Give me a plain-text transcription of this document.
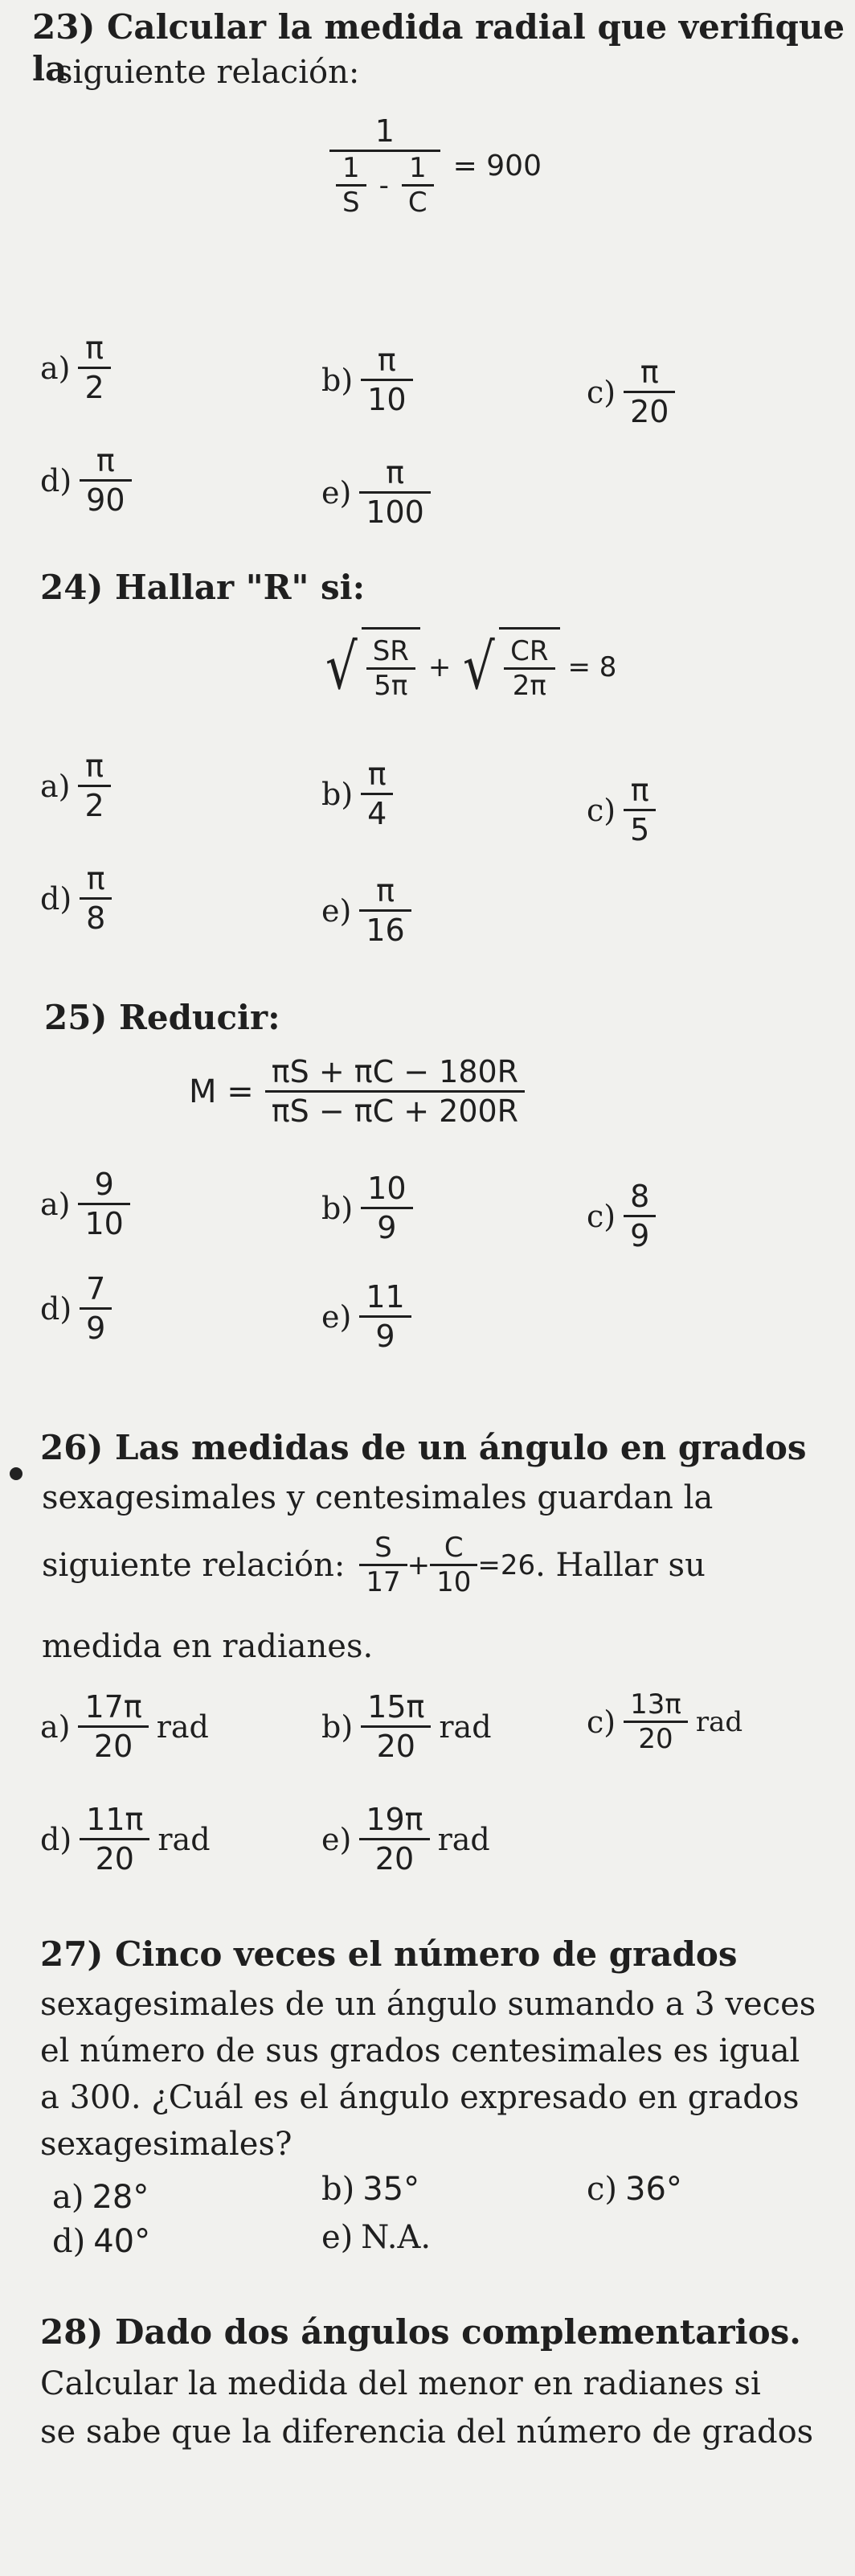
23) Calcular la medida radial que verifique la
siguiente relación:
$\frac{1}{\frac{1}{S} - \frac{1}{C}} = 900$
$a) \frac{\pi}{2}$	$b) \frac{\pi}{10}$	$c) \frac{\pi}{20}$
$d) \frac{\pi}{90}$	$e) \frac{\pi}{100}$
24) Hallar "R" si:
√ $\frac{SR}{5\pi}$ + √ $\frac{CR}{2\pi} = 8$
$a) \frac{\pi}{2}$	$b) \frac{\pi}{4}$	$c) \frac{\pi}{5}$
$d) \frac{\pi}{8}$	$e) \frac{\pi}{16}$
25) Reducir:
$M = \frac{\pi S + \pi C - 180R}{\pi S - \pi C + 200R}$
$a) \frac{9}{10}$	$b) \frac{10}{9}$	$c) \frac{8}{9}$
$d) \frac{7}{9}$	$e) \frac{11}{9}$
26) Las medidas de un ángulo en grados
sexagesimales y centesimales guardan la
siguiente relación: $\frac{S}{17} + \frac{C}{10} =26$ . Hallar su
medida en radianes.
$a) \frac{17\pi}{20}$ rad	$b) \frac{15\pi}{20}$ rad	$c) \frac{13\pi}{20}$ rad
$d) \frac{11\pi}{20}$ rad	$e) \frac{19\pi}{20}$ rad
27) Cinco veces el número de grados
sexagesimales de un ángulo sumando a 3 veces
el número de sus grados centesimales es igual
a 300. ¿Cuál es el ángulo expresado en grados
sexagesimales?
a) 28°	b) 35°	c) 36°
d) 40°	e) N.A.
28) Dado dos ángulos complementarios.
Calcular la medida del menor en radianes si
se sabe que la diferencia del número de grados
